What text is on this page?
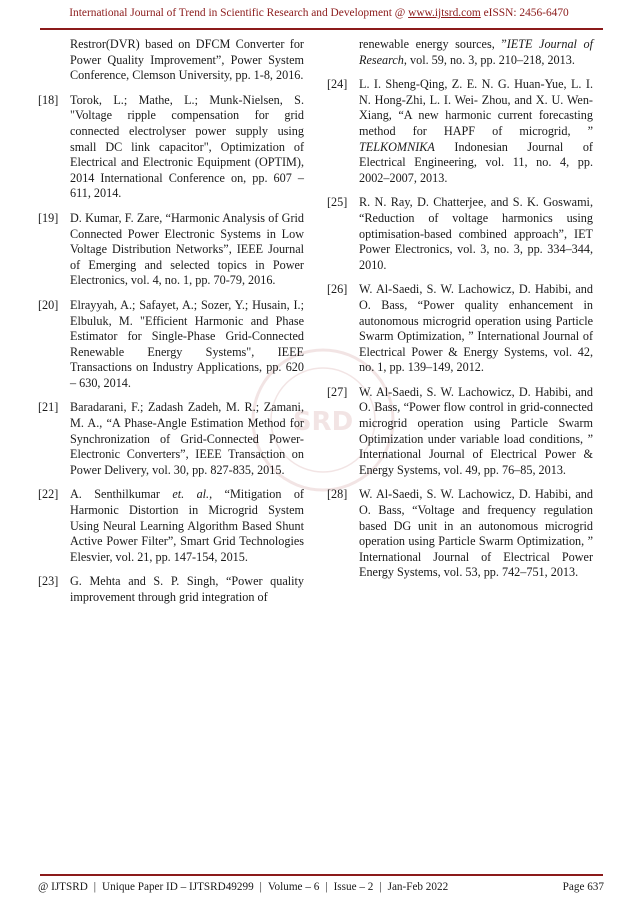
International Journal of Trend in Scientific Research and Development @ www.ijtsrd.com eISSN: 2456-6470
SRD
Restror(DVR) based on DFCM Converter for Power Quality Improvement”, Power System Conference, Clemson University, pp. 1-8, 2016.
[18] Torok, L.; Mathe, L.; Munk-Nielsen, S. "Voltage ripple compensation for grid connected electrolyser power supply using small DC link capacitor", Optimization of Electrical and Electronic Equipment (OPTIM), 2014 International Conference on, pp. 607 – 611, 2014.
[19] D. Kumar, F. Zare, “Harmonic Analysis of Grid Connected Power Electronic Systems in Low Voltage Distribution Networks”, IEEE Journal of Emerging and selected topics in Power Electronics, vol. 4, no. 1, pp. 70-79, 2016.
[20] Elrayyah, A.; Safayet, A.; Sozer, Y.; Husain, I.; Elbuluk, M. "Efficient Harmonic and Phase Estimator for Single-Phase Grid-Connected Renewable Energy Systems", IEEE Transactions on Industry Applications, pp. 620 – 630, 2014.
[21] Baradarani, F.; Zadash Zadeh, M. R.; Zamani, M. A., “A Phase-Angle Estimation Method for Synchronization of Grid-Connected Power-Electronic Converters”, IEEE Transaction on Power Delivery, vol. 30, pp. 827-835, 2015.
[22] A. Senthilkumar et. al., “Mitigation of Harmonic Distortion in Microgrid System Using Neural Learning Algorithm Based Shunt Active Power Filter”, Smart Grid Technologies Elesvier, vol. 21, pp. 147-154, 2015.
[23] G. Mehta and S. P. Singh, “Power quality improvement through grid integration of
renewable energy sources, ”IETE Journal of Research, vol. 59, no. 3, pp. 210–218, 2013.
[24] L. I. Sheng-Qing, Z. E. N. G. Huan-Yue, L. I. N. Hong-Zhi, L. I. Wei- Zhou, and X. U. Wen-Xiang, “A new harmonic current forecasting method for HAPF of microgrid, ” TELKOMNIKA Indonesian Journal of Electrical Engineering, vol. 11, no. 4, pp. 2002–2007, 2013.
[25] R. N. Ray, D. Chatterjee, and S. K. Goswami, “Reduction of voltage harmonics using optimisation-based combined approach”, IET Power Electronics, vol. 3, no. 3, pp. 334–344, 2010.
[26] W. Al-Saedi, S. W. Lachowicz, D. Habibi, and O. Bass, “Power quality enhancement in autonomous microgrid operation using Particle Swarm Optimization, ” International Journal of Electrical Power & Energy Systems, vol. 42, no. 1, pp. 139–149, 2012.
[27] W. Al-Saedi, S. W. Lachowicz, D. Habibi, and O. Bass, “Power flow control in grid-connected microgrid operation using Particle Swarm Optimization under variable load conditions, ” International Journal of Electrical Power & Energy Systems, vol. 49, pp. 76–85, 2013.
[28] W. Al-Saedi, S. W. Lachowicz, D. Habibi, and O. Bass, “Voltage and frequency regulation based DG unit in an autonomous microgrid operation using Particle Swarm Optimization, ” International Journal of Electrical Power Energy Systems, vol. 53, pp. 742–751, 2013.
@ IJTSRD | Unique Paper ID – IJTSRD49299 | Volume – 6 | Issue – 2 | Jan-Feb 2022	Page 637
